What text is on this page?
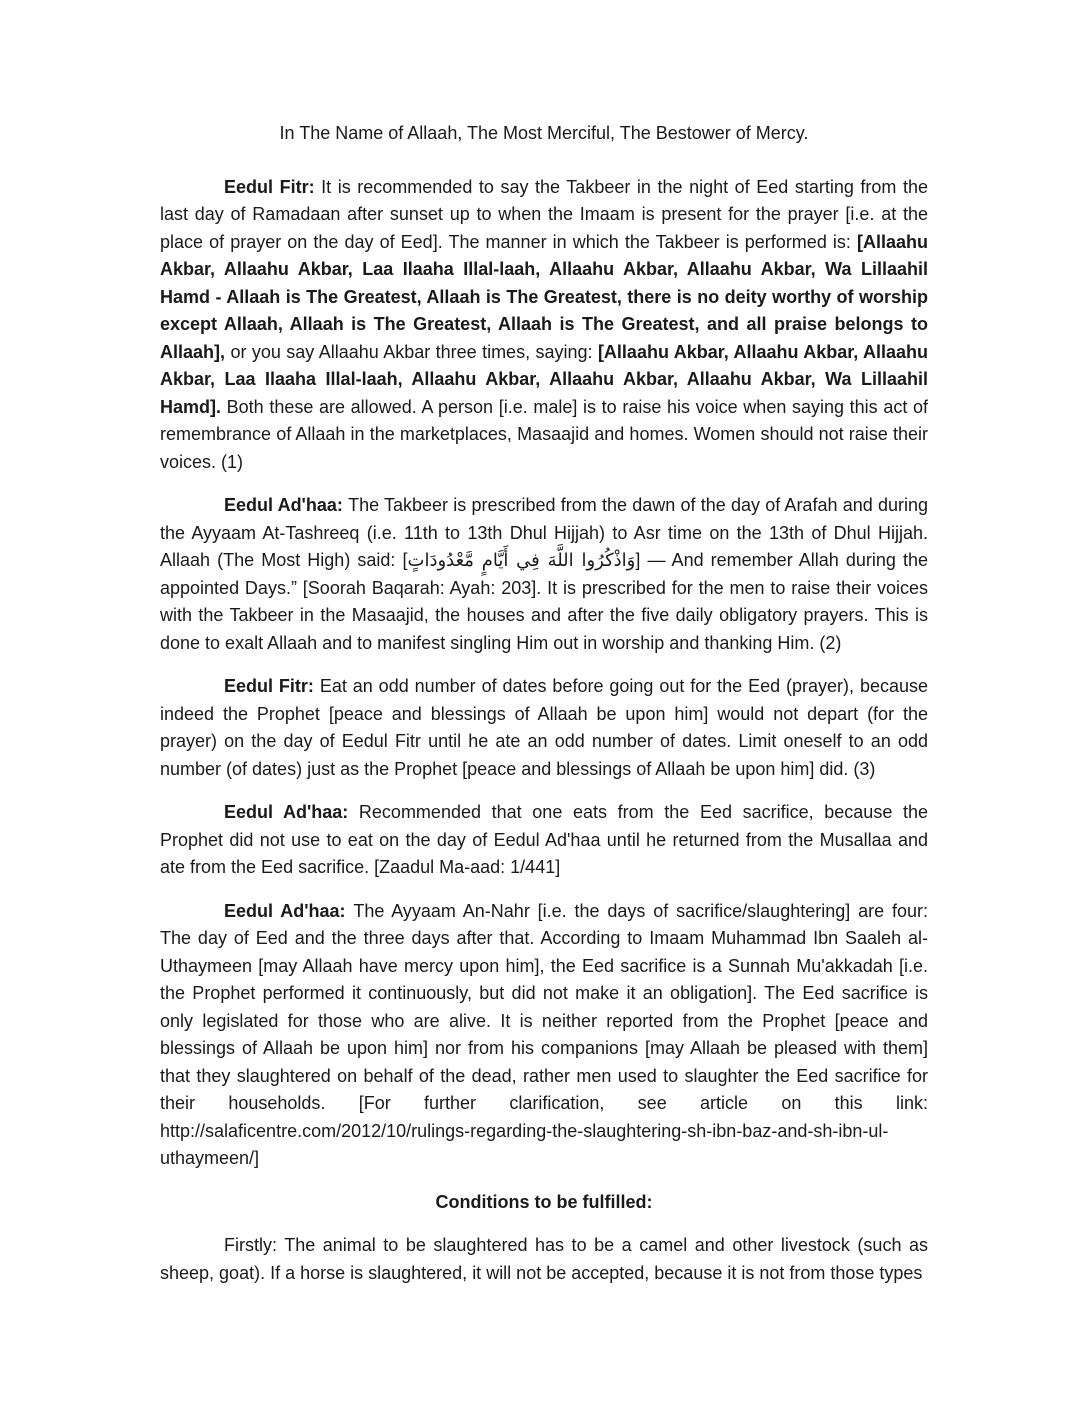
In The Name of Allaah, The Most Merciful, The Bestower of Mercy.

Eedul Fitr: It is recommended to say the Takbeer in the night of Eed starting from the last day of Ramadaan after sunset up to when the Imaam is present for the prayer [i.e. at the place of prayer on the day of Eed]. The manner in which the Takbeer is performed is: [Allaahu Akbar, Allaahu Akbar, Laa Ilaaha Illal-laah, Allaahu Akbar, Allaahu Akbar, Wa Lillaahil Hamd - Allaah is The Greatest, Allaah is The Greatest, there is no deity worthy of worship except Allaah, Allaah is The Greatest, Allaah is The Greatest, and all praise belongs to Allaah], or you say Allaahu Akbar three times, saying: [Allaahu Akbar, Allaahu Akbar, Allaahu Akbar, Laa Ilaaha Illal-laah, Allaahu Akbar, Allaahu Akbar, Allaahu Akbar, Wa Lillaahil Hamd]. Both these are allowed. A person [i.e. male] is to raise his voice when saying this act of remembrance of Allaah in the marketplaces, Masaajid and homes. Women should not raise their voices. (1)

Eedul Ad'haa: The Takbeer is prescribed from the dawn of the day of Arafah and during the Ayyaam At-Tashreeq (i.e. 11th to 13th Dhul Hijjah) to Asr time on the 13th of Dhul Hijjah. Allaah (The Most High) said: [وَاذْكُرُوا اللَّهَ فِي أَيَّامٍ مَّعْدُودَاتٍ] — And remember Allah during the appointed Days.” [Soorah Baqarah: Ayah: 203]. It is prescribed for the men to raise their voices with the Takbeer in the Masaajid, the houses and after the five daily obligatory prayers. This is done to exalt Allaah and to manifest singling Him out in worship and thanking Him. (2)

Eedul Fitr: Eat an odd number of dates before going out for the Eed (prayer), because indeed the Prophet [peace and blessings of Allaah be upon him] would not depart (for the prayer) on the day of Eedul Fitr until he ate an odd number of dates. Limit oneself to an odd number (of dates) just as the Prophet [peace and blessings of Allaah be upon him] did. (3)

Eedul Ad'haa: Recommended that one eats from the Eed sacrifice, because the Prophet did not use to eat on the day of Eedul Ad'haa until he returned from the Musallaa and ate from the Eed sacrifice. [Zaadul Ma-aad: 1/441]

Eedul Ad'haa: The Ayyaam An-Nahr [i.e. the days of sacrifice/slaughtering] are four: The day of Eed and the three days after that. According to Imaam Muhammad Ibn Saaleh al-Uthaymeen [may Allaah have mercy upon him], the Eed sacrifice is a Sunnah Mu'akkadah [i.e. the Prophet performed it continuously, but did not make it an obligation]. The Eed sacrifice is only legislated for those who are alive. It is neither reported from the Prophet [peace and blessings of Allaah be upon him] nor from his companions [may Allaah be pleased with them] that they slaughtered on behalf of the dead, rather men used to slaughter the Eed sacrifice for their households. [For further clarification, see article on this link: http://salaficentre.com/2012/10/rulings-regarding-the-slaughtering-sh-ibn-baz-and-sh-ibn-ul-uthaymeen/]

Conditions to be fulfilled:

Firstly: The animal to be slaughtered has to be a camel and other livestock (such as sheep, goat). If a horse is slaughtered, it will not be accepted, because it is not from those types
